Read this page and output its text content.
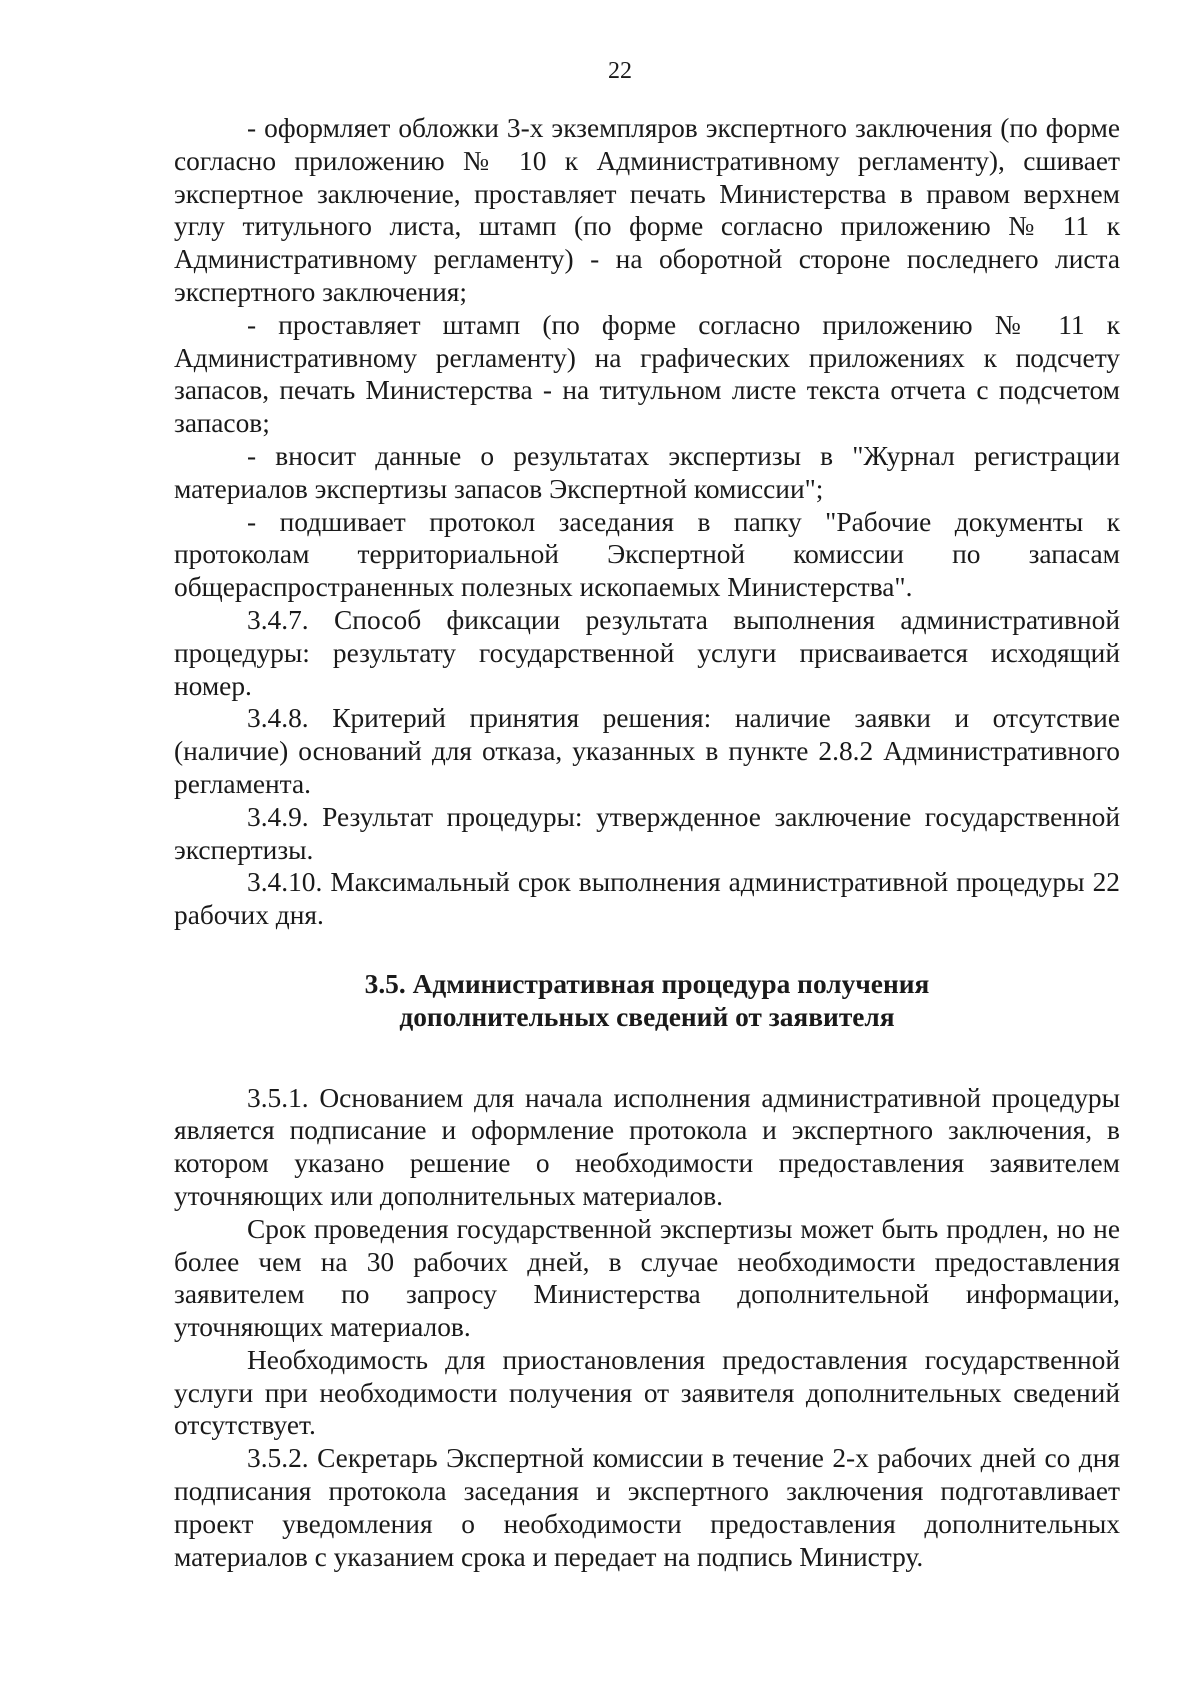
22

- оформляет обложки 3-х экземпляров экспертного заключения (по форме согласно приложению № 10 к Административному регламенту), сшивает экспертное заключение, проставляет печать Министерства в правом верхнем углу титульного листа, штамп (по форме согласно приложению № 11 к Административному регламенту) - на оборотной стороне последнего листа экспертного заключения;

- проставляет штамп (по форме согласно приложению № 11 к Административному регламенту) на графических приложениях к подсчету запасов, печать Министерства - на титульном листе текста отчета с подсчетом запасов;

- вносит данные о результатах экспертизы в "Журнал регистрации материалов экспертизы запасов Экспертной комиссии";

- подшивает протокол заседания в папку "Рабочие документы к протоколам территориальной Экспертной комиссии по запасам общераспространенных полезных ископаемых Министерства".

3.4.7. Способ фиксации результата выполнения административной процедуры: результату государственной услуги присваивается исходящий номер.

3.4.8. Критерий принятия решения: наличие заявки и отсутствие (наличие) оснований для отказа, указанных в пункте 2.8.2 Административного регламента.

3.4.9. Результат процедуры: утвержденное заключение государственной экспертизы.

3.4.10. Максимальный срок выполнения административной процедуры 22 рабочих дня.

3.5. Административная процедура получения
дополнительных сведений от заявителя

3.5.1. Основанием для начала исполнения административной процедуры является подписание и оформление протокола и экспертного заключения, в котором указано решение о необходимости предоставления заявителем уточняющих или дополнительных материалов.

Срок проведения государственной экспертизы может быть продлен, но не более чем на 30 рабочих дней, в случае необходимости предоставления заявителем по запросу Министерства дополнительной информации, уточняющих материалов.

Необходимость для приостановления предоставления государственной услуги при необходимости получения от заявителя дополнительных сведений отсутствует.

3.5.2. Секретарь Экспертной комиссии в течение 2-х рабочих дней со дня подписания протокола заседания и экспертного заключения подготавливает проект уведомления о необходимости предоставления дополнительных материалов с указанием срока и передает на подпись Министру.
